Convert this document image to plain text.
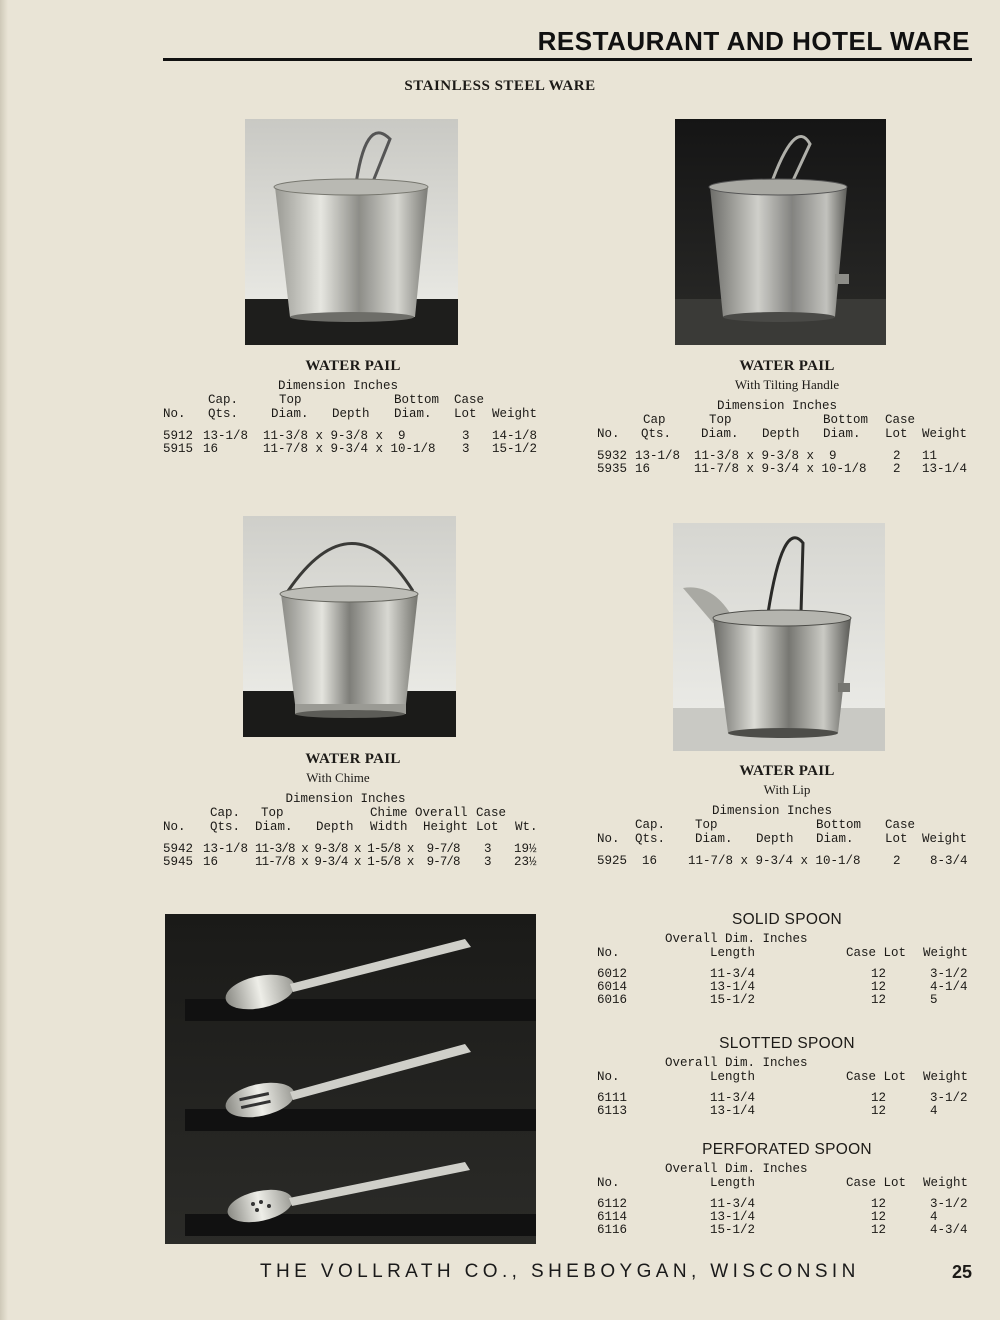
RESTAURANT AND HOTEL WARE
STAINLESS STEEL WARE
WATER PAIL
Dimension Inches
Cap.	Top	Bottom Case
No. Qts.	Diam. Depth Diam. Lot Weight
5912 13-1/8 11-3/8 x 9-3/8 x  9	3 14-1/8
5915 16	11-7/8 x 9-3/4 x 10-1/8 3 15-1/2
WATER PAIL
With Tilting Handle
Dimension Inches
Cap	Top	Bottom Case
No. Qts. Diam. Depth Diam. Lot Weight
5932 13-1/8 11-3/8 x 9-3/8 x  9	2 11
5935 16	11-7/8 x 9-3/4 x 10-1/8 2 13-1/4
WATER PAIL
With Chime
Dimension Inches
Cap. Top	Chime Overall Case
No. Qts. Diam. Depth Width Height Lot Wt.
5942 13-1/8 11-3/8 x 9-3/8 x 1-5/8 x  9-7/8 3 19½
5945 16	11-7/8 x 9-3/4 x 1-5/8 x  9-7/8 3 23½
WATER PAIL
With Lip
Dimension Inches
Cap. Top	Bottom Case
No. Qts. Diam. Depth Diam.	Lot Weight
5925 16 11-7/8 x 9-3/4 x 10-1/8	2 8-3/4
SOLID SPOON
Overall Dim. Inches
No.	Length	Case Lot Weight
6012	11-3/4	12	3-1/2
6014	13-1/4	12	4-1/4
6016	15-1/2	12	5
SLOTTED SPOON
Overall Dim. Inches
No.	Length	Case Lot Weight
6111	11-3/4	12	3-1/2
6113	13-1/4	12	4
PERFORATED SPOON
Overall Dim. Inches
No.	Length	Case Lot Weight
6112	11-3/4	12	3-1/2
6114	13-1/4	12	4
6116	15-1/2	12	4-3/4
THE VOLLRATH CO., SHEBOYGAN, WISCONSIN	25
